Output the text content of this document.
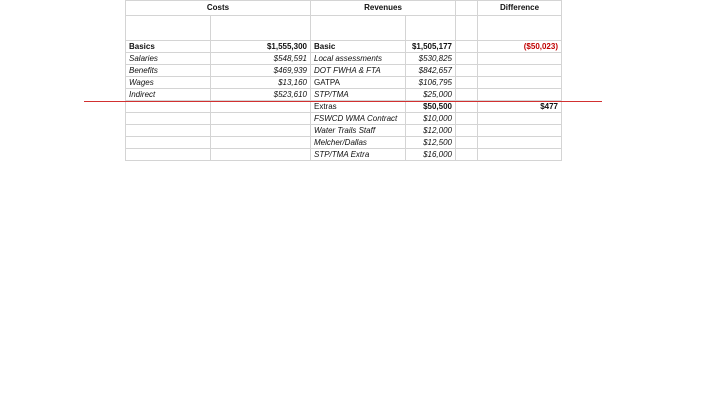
Costs		Revenues			Difference

Basics	$1,555,300	Basic	$1,505,177		($50,023)
Salaries	$548,591	Local assessments	$530,825		
Benefits	$469,939	DOT FWHA & FTA	$842,657		
Wages	$13,160	GATPA	$106,795		
Indirect	$523,610	STP/TMA	$25,000		
		Extras	$50,500		$477
		FSWCD WMA Contract	$10,000		
		Water Trails Staff	$12,000		
		Melcher/Dallas	$12,500		
		STP/TMA Extra	$16,000		
